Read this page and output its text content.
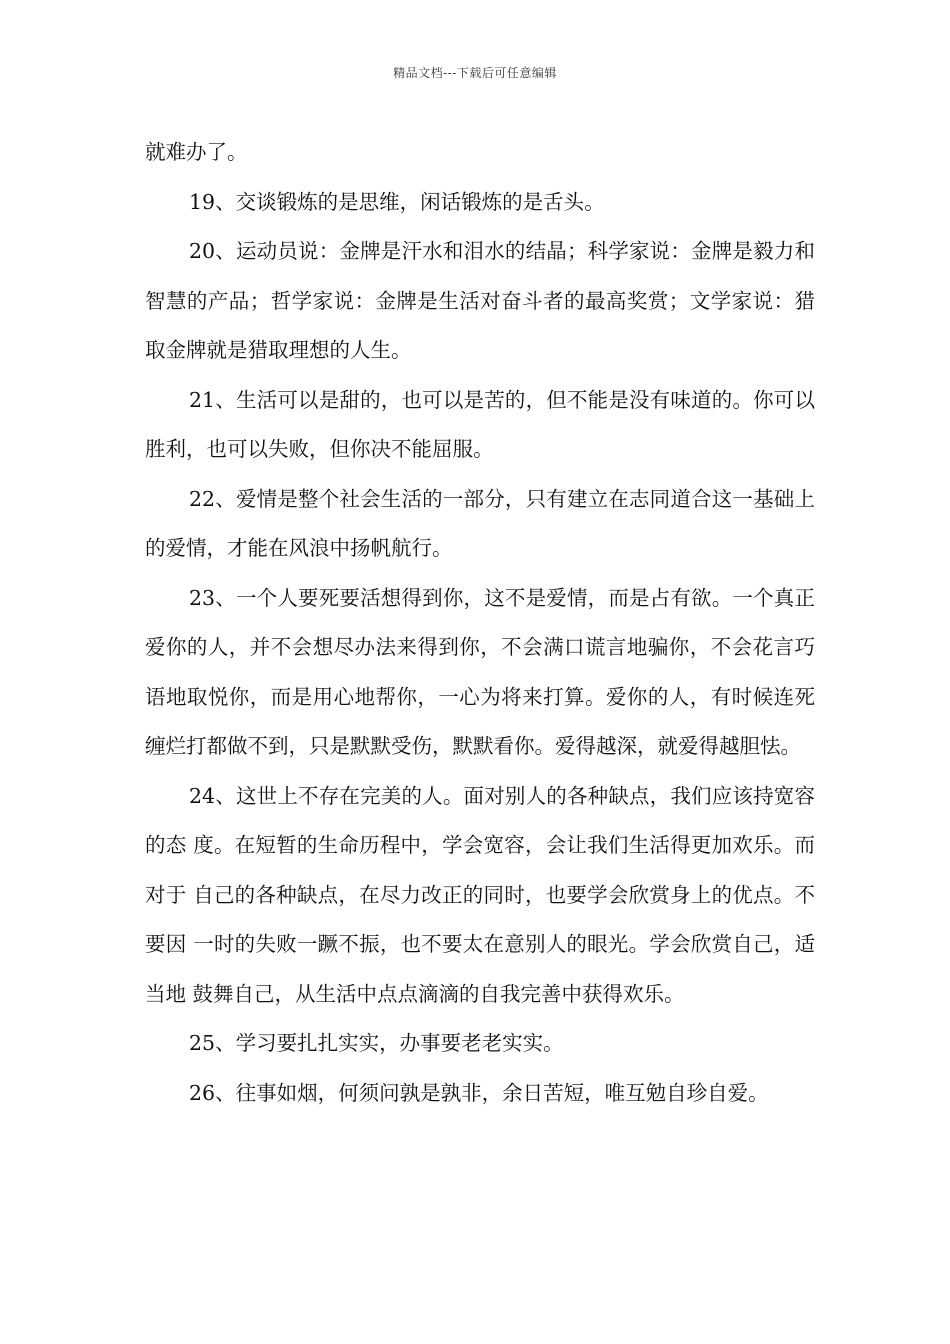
精品文档---下载后可任意编辑

就难办了。

19、交谈锻炼的是思维，闲话锻炼的是舌头。

20、运动员说：金牌是汗水和泪水的结晶；科学家说：金牌是毅力和智慧的产品；哲学家说：金牌是生活对奋斗者的最高奖赏；文学家说：猎取金牌就是猎取理想的人生。

21、生活可以是甜的，也可以是苦的，但不能是没有味道的。你可以胜利，也可以失败，但你决不能屈服。

22、爱情是整个社会生活的一部分，只有建立在志同道合这一基础上的爱情，才能在风浪中扬帆航行。

23、一个人要死要活想得到你，这不是爱情，而是占有欲。一个真正爱你的人，并不会想尽办法来得到你，不会满口谎言地骗你，不会花言巧语地取悦你，而是用心地帮你，一心为将来打算。爱你的人，有时候连死缠烂打都做不到，只是默默受伤，默默看你。爱得越深，就爱得越胆怯。

24、这世上不存在完美的人。面对别人的各种缺点，我们应该持宽容的态 度。在短暂的生命历程中，学会宽容，会让我们生活得更加欢乐。而对于 自己的各种缺点，在尽力改正的同时，也要学会欣赏身上的优点。不要因 一时的失败一蹶不振，也不要太在意别人的眼光。学会欣赏自己，适当地 鼓舞自己，从生活中点点滴滴的自我完善中获得欢乐。

25、学习要扎扎实实，办事要老老实实。

26、往事如烟，何须问孰是孰非，余日苦短，唯互勉自珍自爱。
